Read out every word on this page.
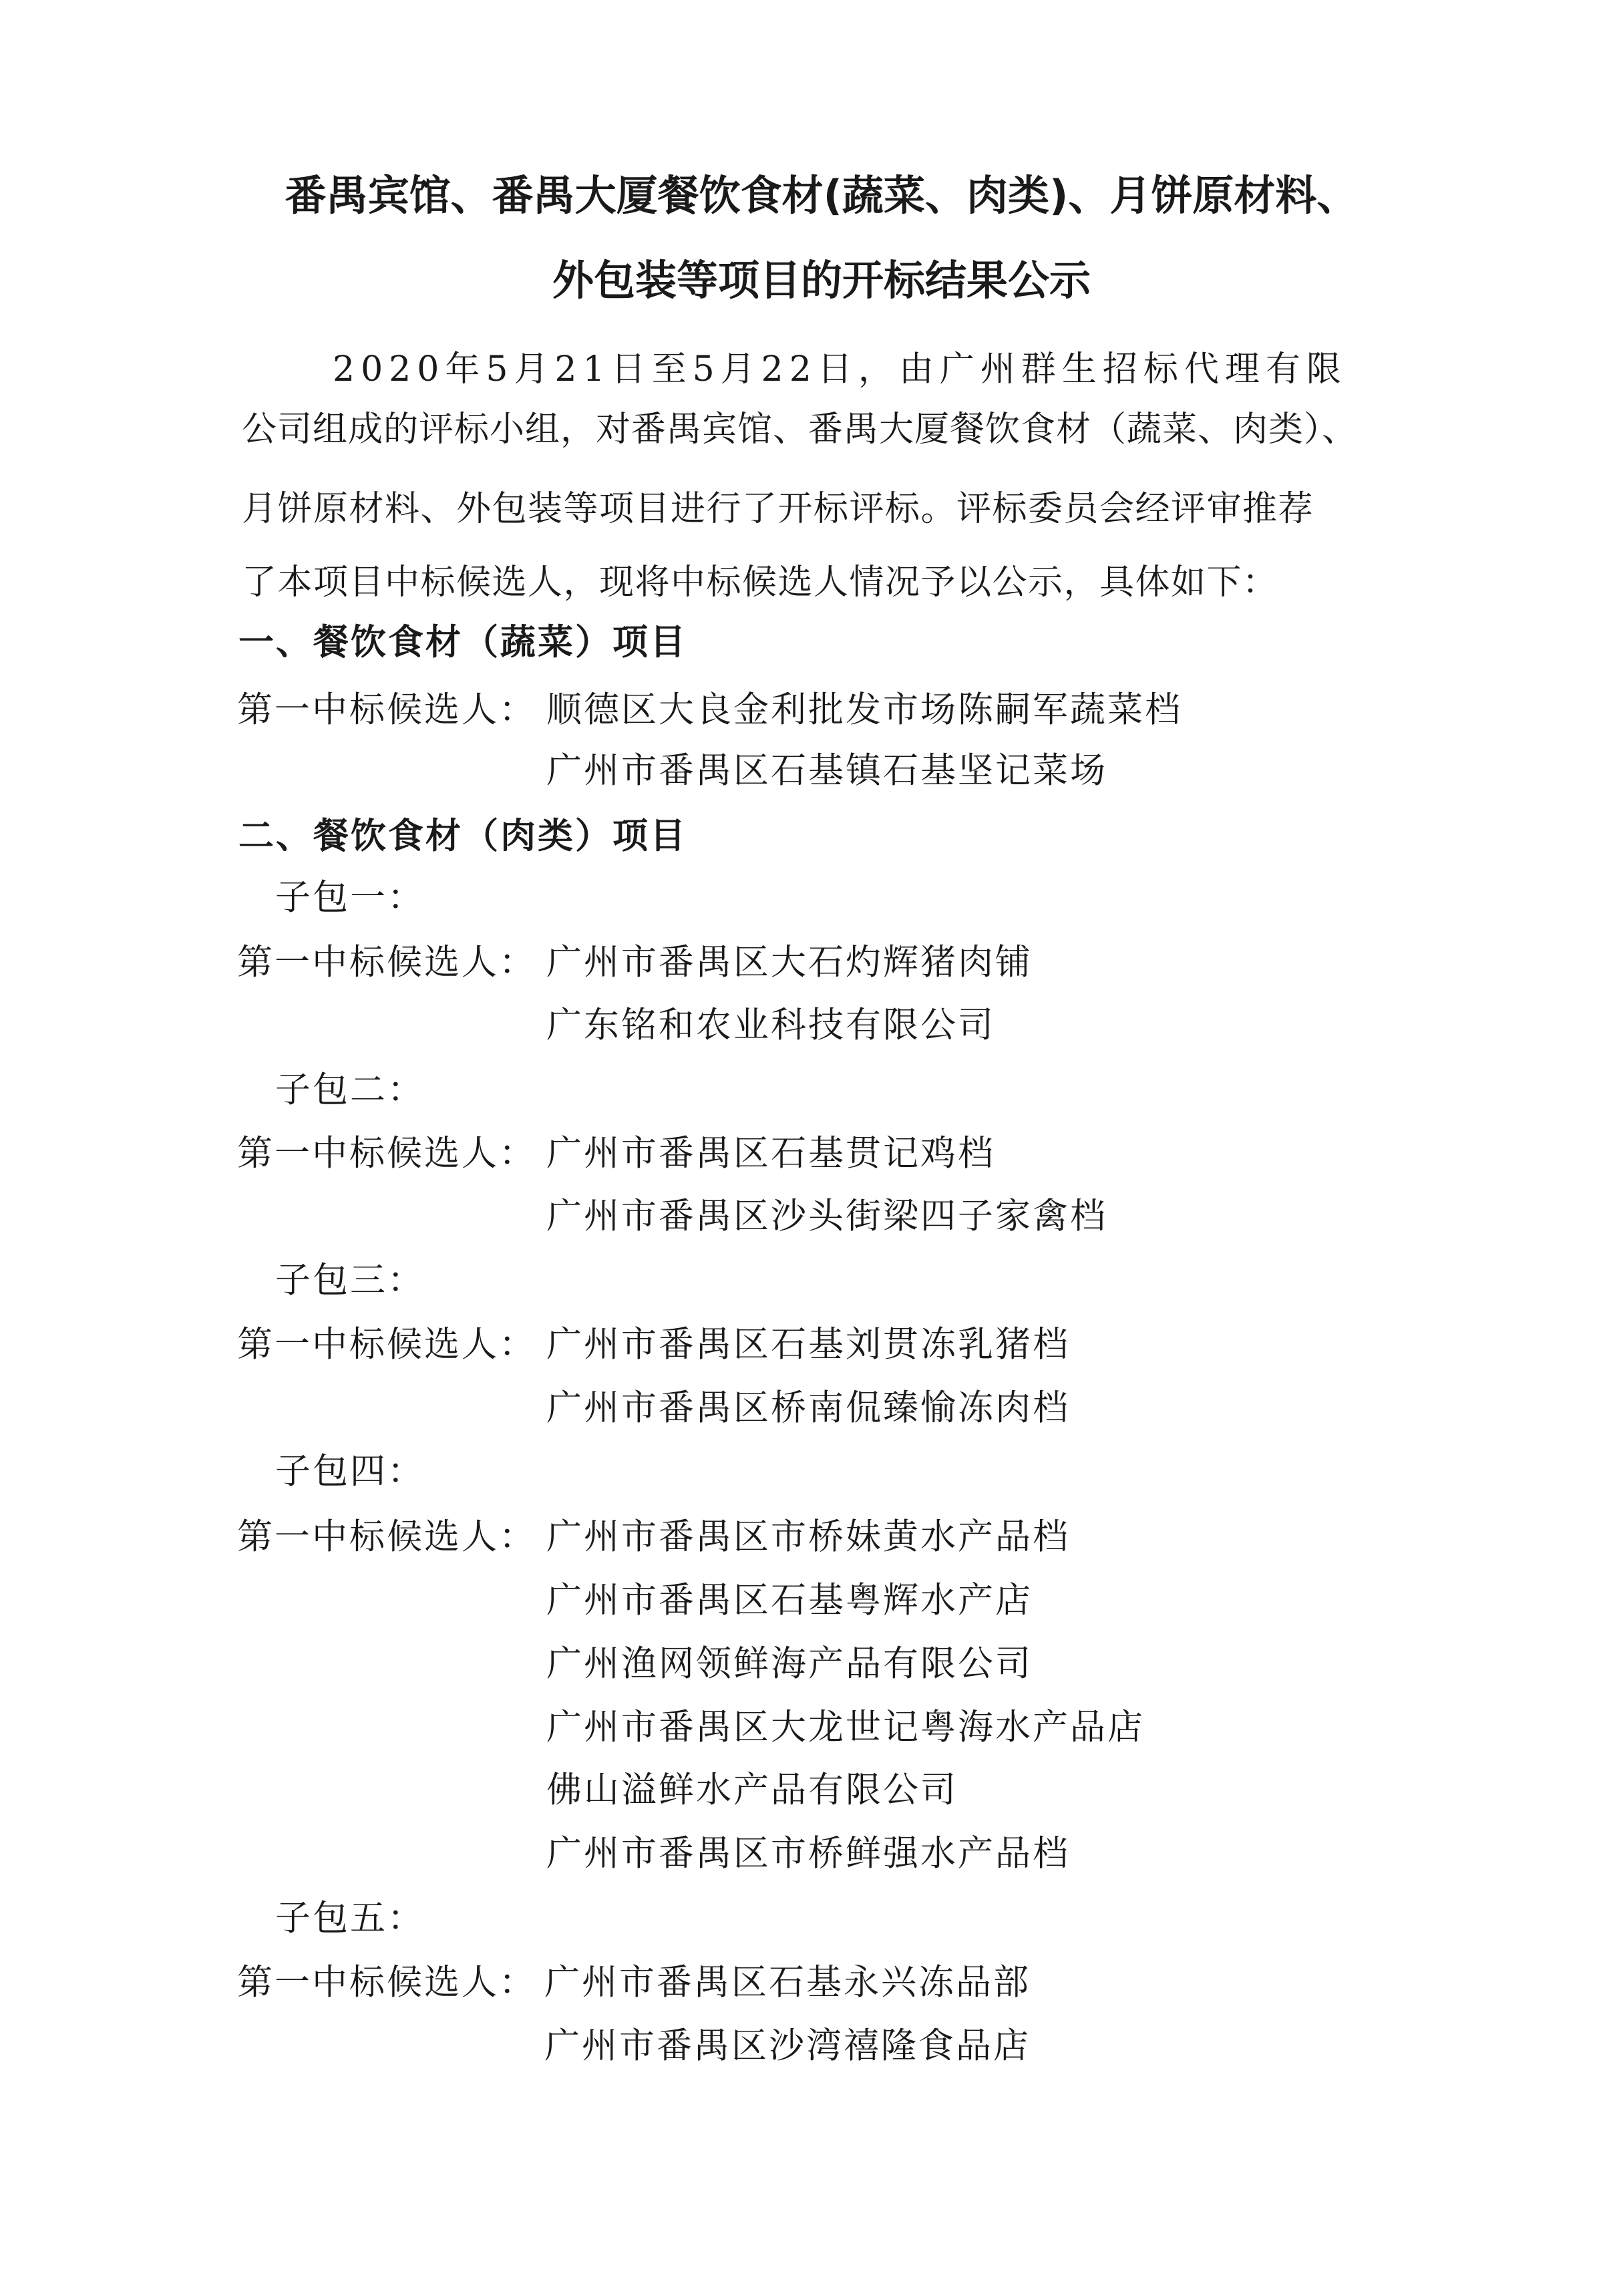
番禺宾馆、番禺大厦餐饮食材(蔬菜、肉类)、月饼原材料、
外包装等项目的开标结果公示
2020年5月21日至5月22日，由广州群生招标代理有限
公司组成的评标小组，对番禺宾馆、番禺大厦餐饮食材（蔬菜、肉类）、
月饼原材料、外包装等项目进行了开标评标。评标委员会经评审推荐
了本项目中标候选人，现将中标候选人情况予以公示，具体如下：
一、餐饮食材（蔬菜）项目
第一中标候选人： 顺德区大良金利批发市场陈嗣军蔬菜档
广州市番禺区石基镇石基坚记菜场
二、餐饮食材（肉类）项目
子包一：
第一中标候选人： 广州市番禺区大石灼辉猪肉铺
广东铭和农业科技有限公司
子包二：
第一中标候选人： 广州市番禺区石基贯记鸡档
广州市番禺区沙头街梁四子家禽档
子包三：
第一中标候选人： 广州市番禺区石基刘贯冻乳猪档
广州市番禺区桥南侃臻愉冻肉档
子包四：
第一中标候选人： 广州市番禺区市桥妹黄水产品档
广州市番禺区石基粤辉水产店
广州渔网领鲜海产品有限公司
广州市番禺区大龙世记粤海水产品店
佛山溢鲜水产品有限公司
广州市番禺区市桥鲜强水产品档
子包五：
第一中标候选人： 广州市番禺区石基永兴冻品部
广州市番禺区沙湾禧隆食品店
